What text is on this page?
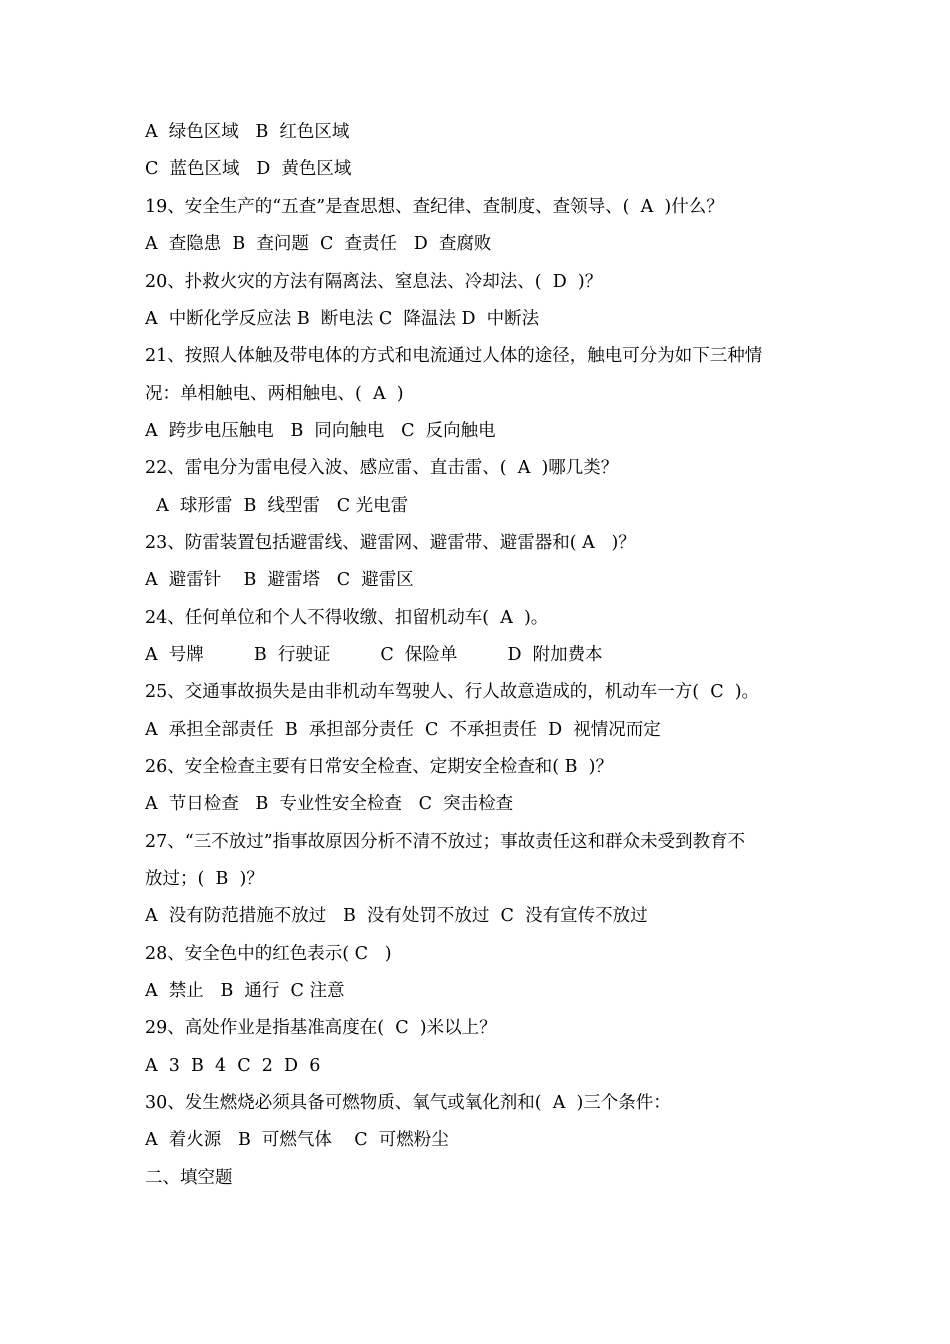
A  绿色区域   B  红色区域
C  蓝色区域   D  黄色区域
19、安全生产的“五查”是查思想、查纪律、查制度、查领导、(  A  )什么？
A  查隐患  B  查问题  C  查责任   D  查腐败
20、扑救火灾的方法有隔离法、窒息法、冷却法、(  D  )？
A  中断化学反应法 B  断电法 C  降温法 D  中断法
21、按照人体触及带电体的方式和电流通过人体的途径，触电可分为如下三种情
况：单相触电、两相触电、(  A  )
A  跨步电压触电   B  同向触电   C  反向触电
22、雷电分为雷电侵入波、感应雷、直击雷、(  A  )哪几类？
A  球形雷  B  线型雷   C 光电雷
23、防雷装置包括避雷线、避雷网、避雷带、避雷器和( A   )？
A  避雷针    B  避雷塔   C  避雷区
24、任何单位和个人不得收缴、扣留机动车(  A  )。
A  号牌         B  行驶证         C  保险单         D  附加费本
25、交通事故损失是由非机动车驾驶人、行人故意造成的，机动车一方(  C  )。
A  承担全部责任  B  承担部分责任  C  不承担责任  D  视情况而定
26、安全检查主要有日常安全检查、定期安全检查和( B  )？
A  节日检查   B  专业性安全检查   C  突击检查
27、“三不放过”指事故原因分析不清不放过；事故责任这和群众未受到教育不
放过；(  B  )？
A  没有防范措施不放过   B  没有处罚不放过  C  没有宣传不放过
28、安全色中的红色表示( C   )
A  禁止   B  通行  C 注意
29、高处作业是指基准高度在(  C  )米以上？
A  3  B  4  C  2  D  6
30、发生燃烧必须具备可燃物质、氧气或氧化剂和(  A  )三个条件：
A  着火源   B  可燃气体    C  可燃粉尘
二、填空题
